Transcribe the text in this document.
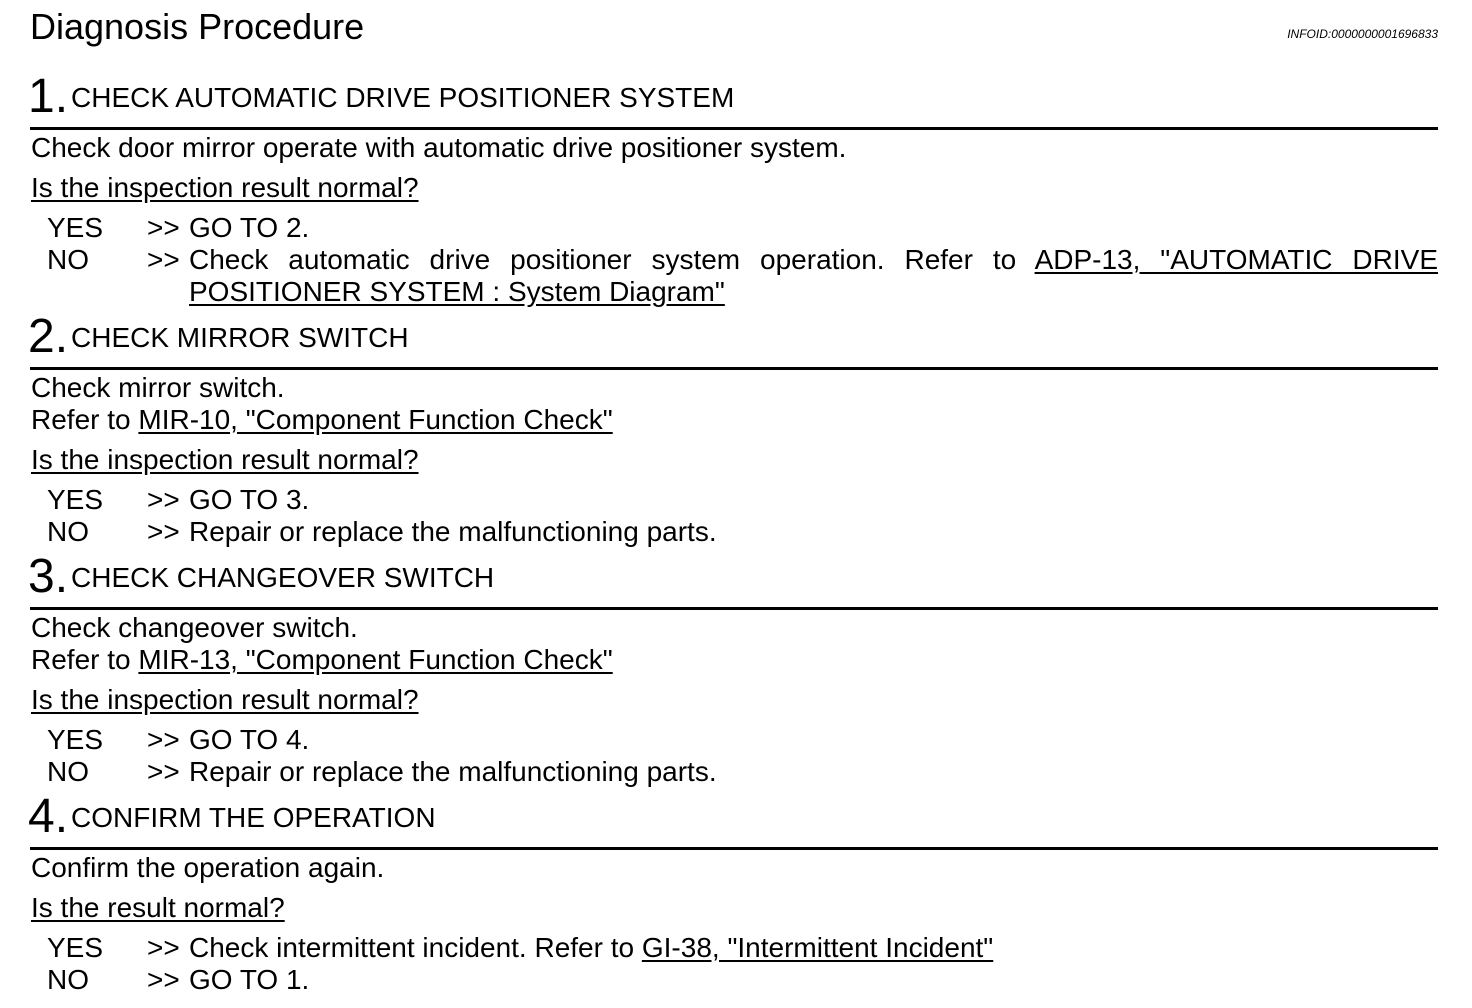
Diagnosis Procedure	INFOID:0000000001696833
1. CHECK AUTOMATIC DRIVE POSITIONER SYSTEM
Check door mirror operate with automatic drive positioner system.
Is the inspection result normal?
YES	>> GO TO 2.
NO	>> Check automatic drive positioner system operation. Refer to ADP-13, "AUTOMATIC DRIVE POSITIONER SYSTEM : System Diagram"
2. CHECK MIRROR SWITCH
Check mirror switch.
Refer to MIR-10, "Component Function Check"
Is the inspection result normal?
YES	>> GO TO 3.
NO	>> Repair or replace the malfunctioning parts.
3. CHECK CHANGEOVER SWITCH
Check changeover switch.
Refer to MIR-13, "Component Function Check"
Is the inspection result normal?
YES	>> GO TO 4.
NO	>> Repair or replace the malfunctioning parts.
4. CONFIRM THE OPERATION
Confirm the operation again.
Is the result normal?
YES	>> Check intermittent incident. Refer to GI-38, "Intermittent Incident"
NO	>> GO TO 1.
